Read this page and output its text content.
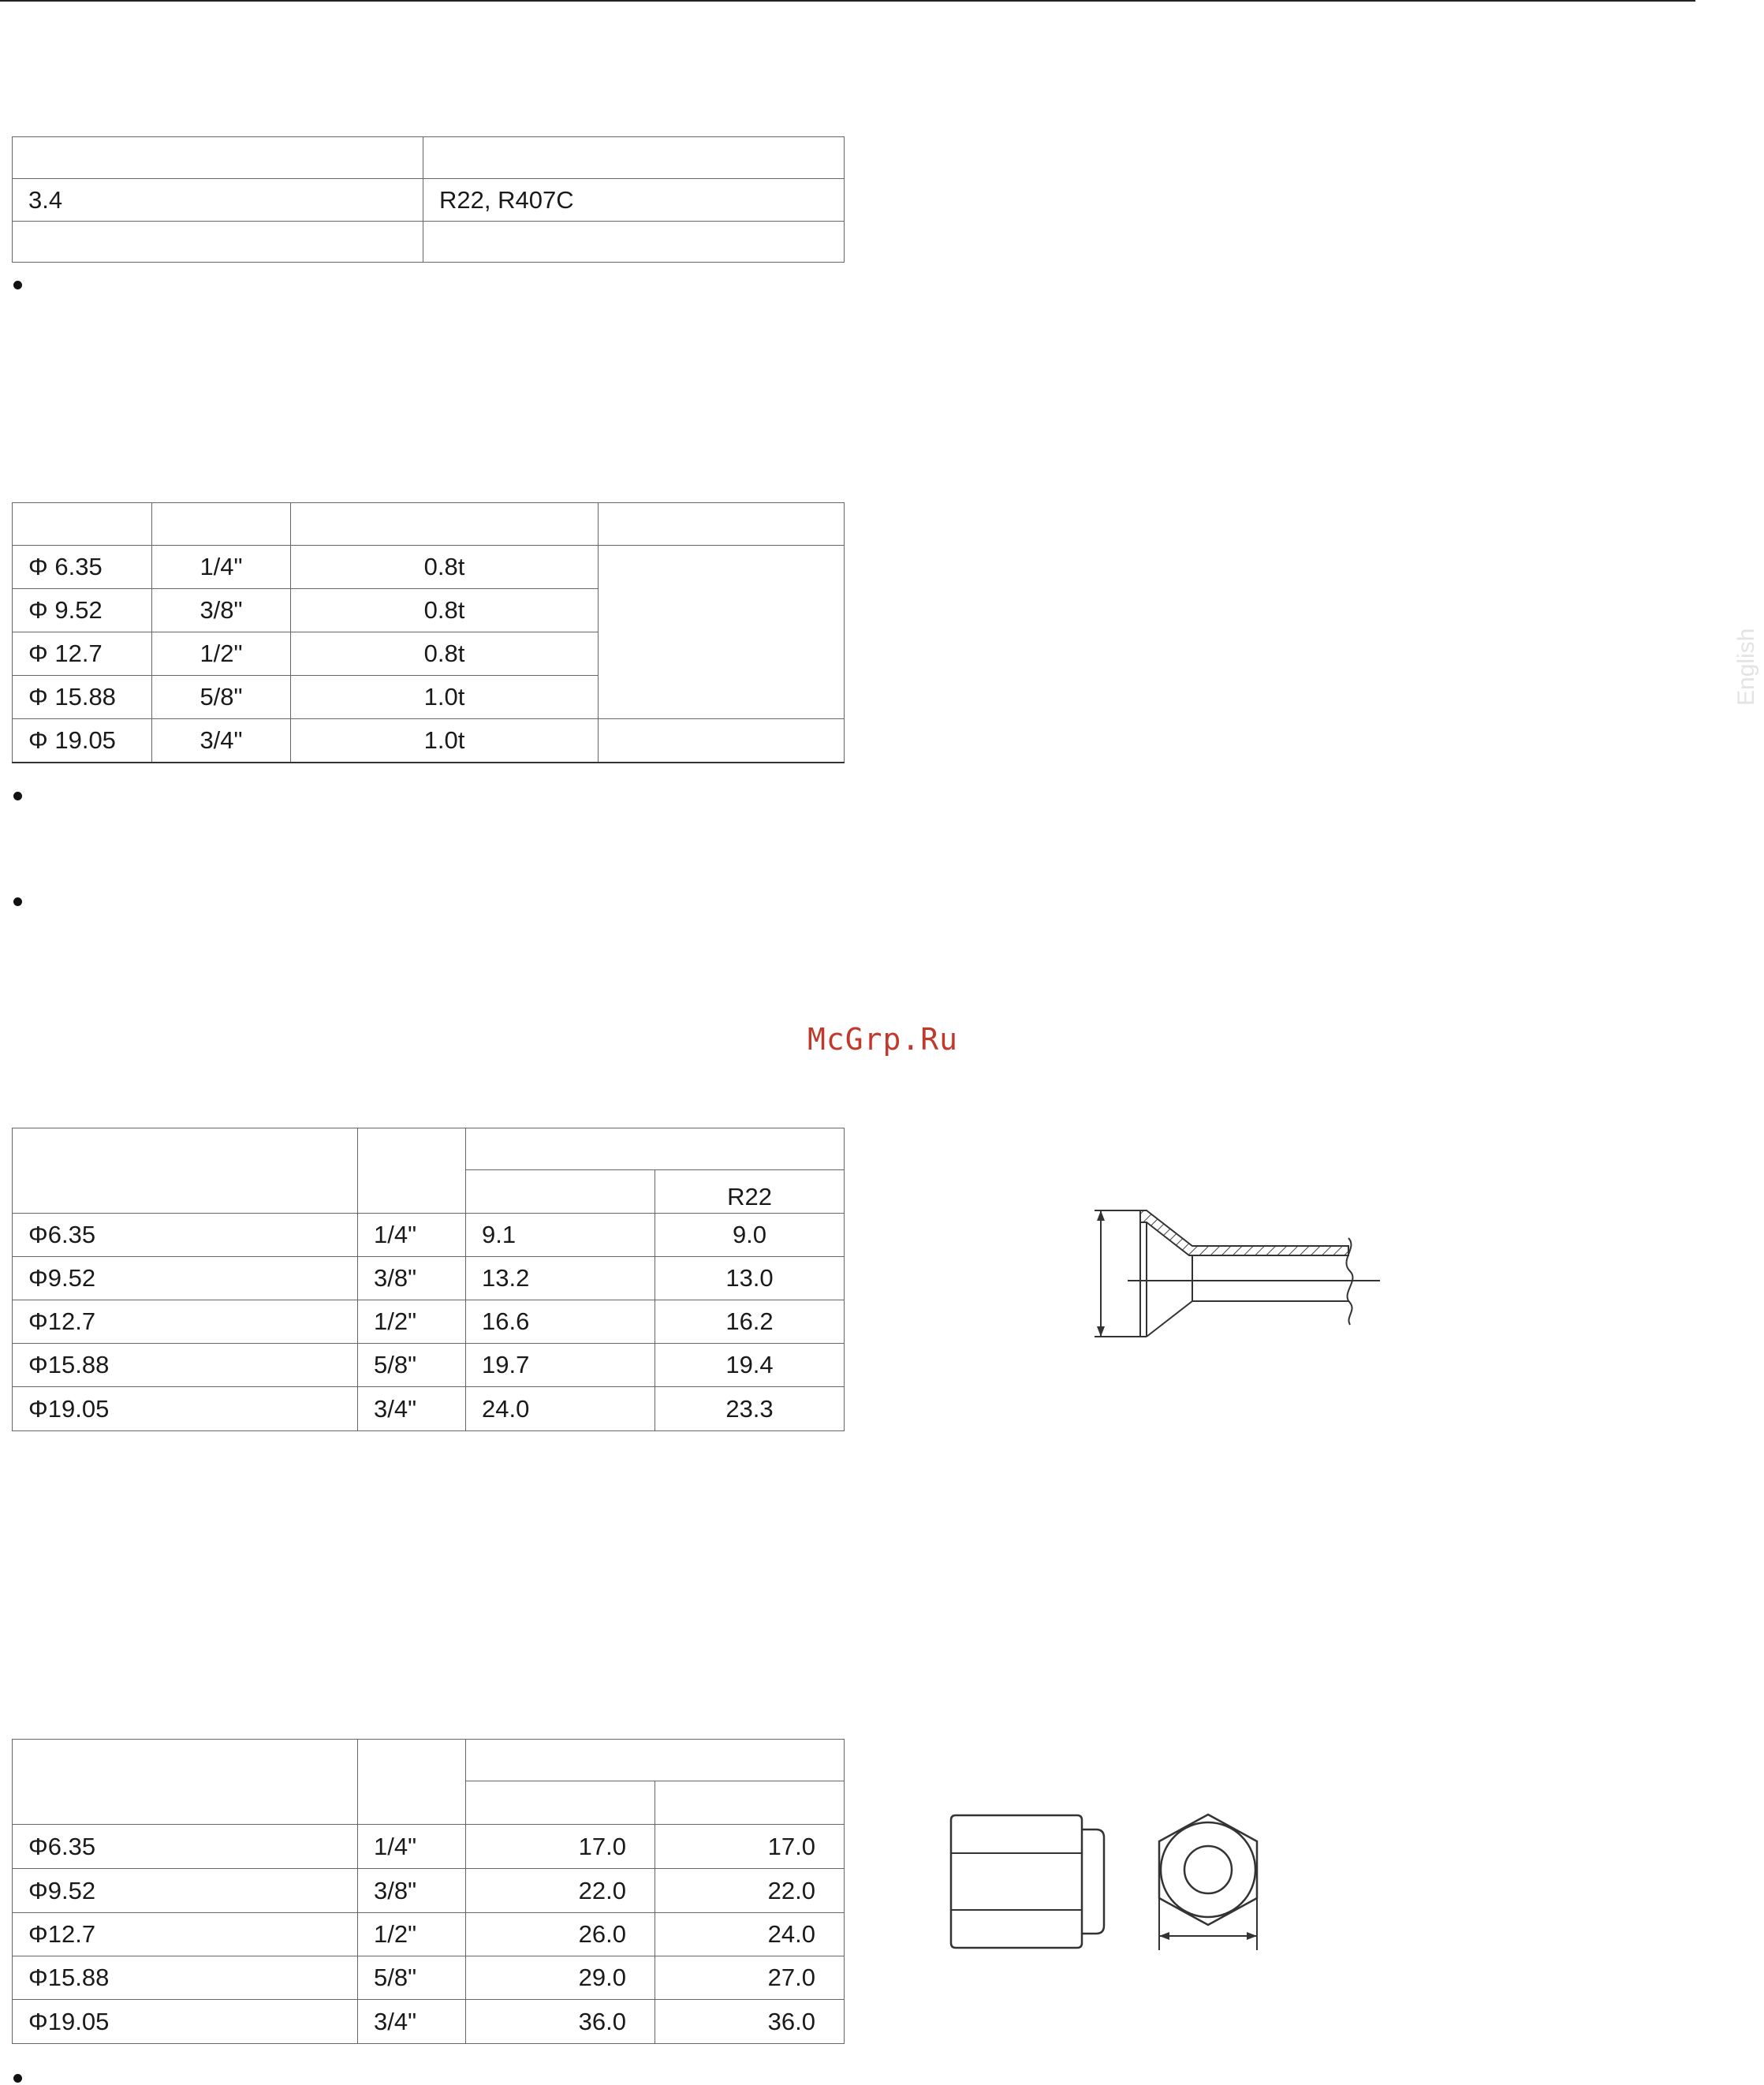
English
McGrp.Ru

3.4	R22, R407C

Φ 6.35	1/4"	0.8t	
Φ 9.52	3/8"	0.8t	
Φ 12.7	1/2"	0.8t	
Φ 15.88	5/8"	1.0t	
Φ 19.05	3/4"	1.0t	

			R22
Φ6.35	1/4"	9.1	9.0
Φ9.52	3/8"	13.2	13.0
Φ12.7	1/2"	16.6	16.2
Φ15.88	5/8"	19.7	19.4
Φ19.05	3/4"	24.0	23.3

Φ6.35	1/4"	17.0	17.0
Φ9.52	3/8"	22.0	22.0
Φ12.7	1/2"	26.0	24.0
Φ15.88	5/8"	29.0	27.0
Φ19.05	3/4"	36.0	36.0
